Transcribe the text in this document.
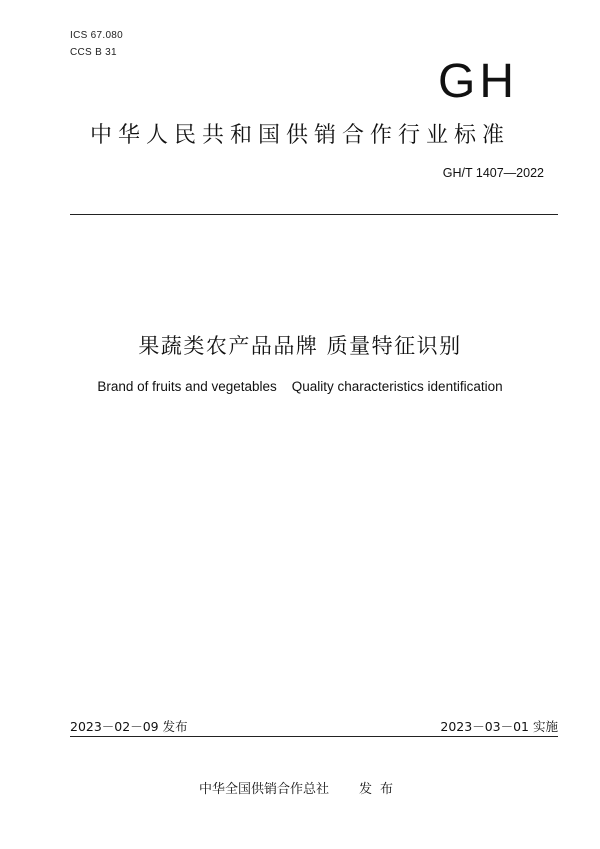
ICS 67.080
CCS B 31
GH
中华人民共和国供销合作行业标准
GH/T 1407—2022
果蔬类农产品品牌 质量特征识别
Brand of fruits and vegetables    Quality characteristics identification
2023－02－09 发布	2023－03－01 实施
中华全国供销合作总社 发布
